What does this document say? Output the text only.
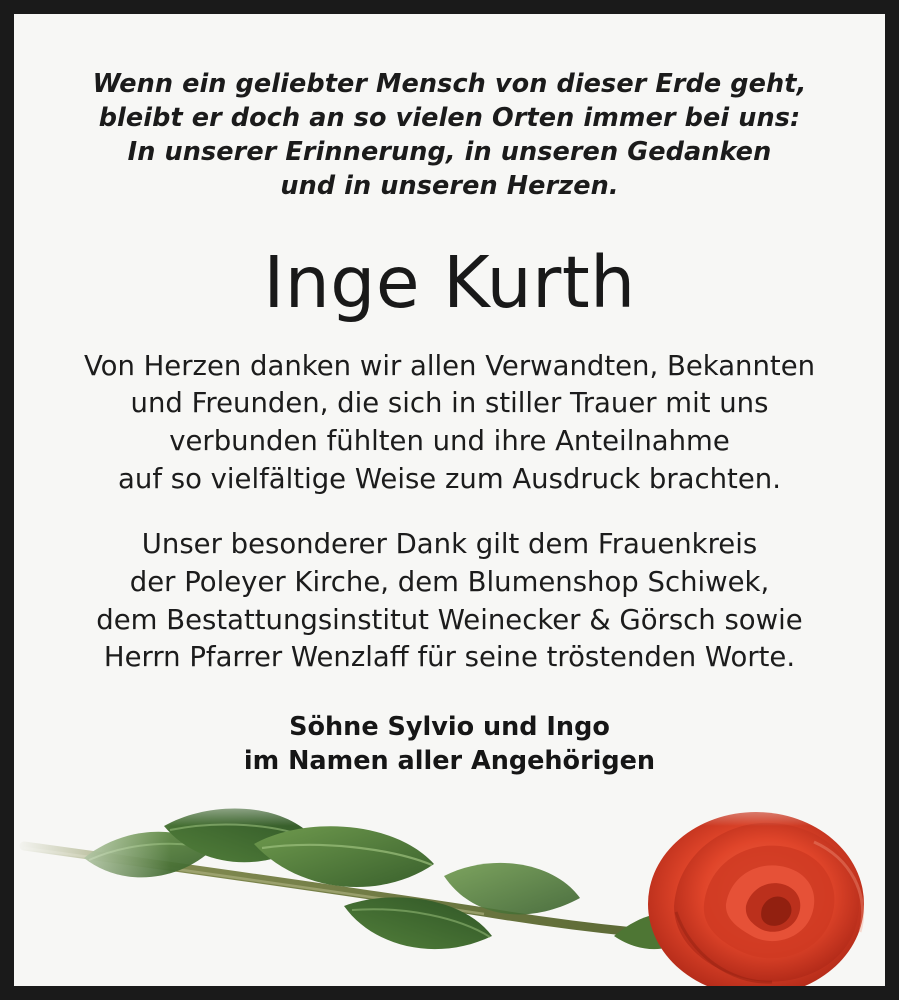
Wenn ein geliebter Mensch von dieser Erde geht,
bleibt er doch an so vielen Orten immer bei uns:
In unserer Erinnerung, in unseren Gedanken
und in unseren Herzen.
Inge Kurth
Von Herzen danken wir allen Verwandten, Bekannten
und Freunden, die sich in stiller Trauer mit uns
verbunden fühlten und ihre Anteilnahme
auf so vielfältige Weise zum Ausdruck brachten.
Unser besonderer Dank gilt dem Frauenkreis
der Poleyer Kirche, dem Blumenshop Schiwek,
dem Bestattungsinstitut Weinecker & Görsch sowie
Herrn Pfarrer Wenzlaff für seine tröstenden Worte.
Söhne Sylvio und Ingo
im Namen aller Angehörigen
